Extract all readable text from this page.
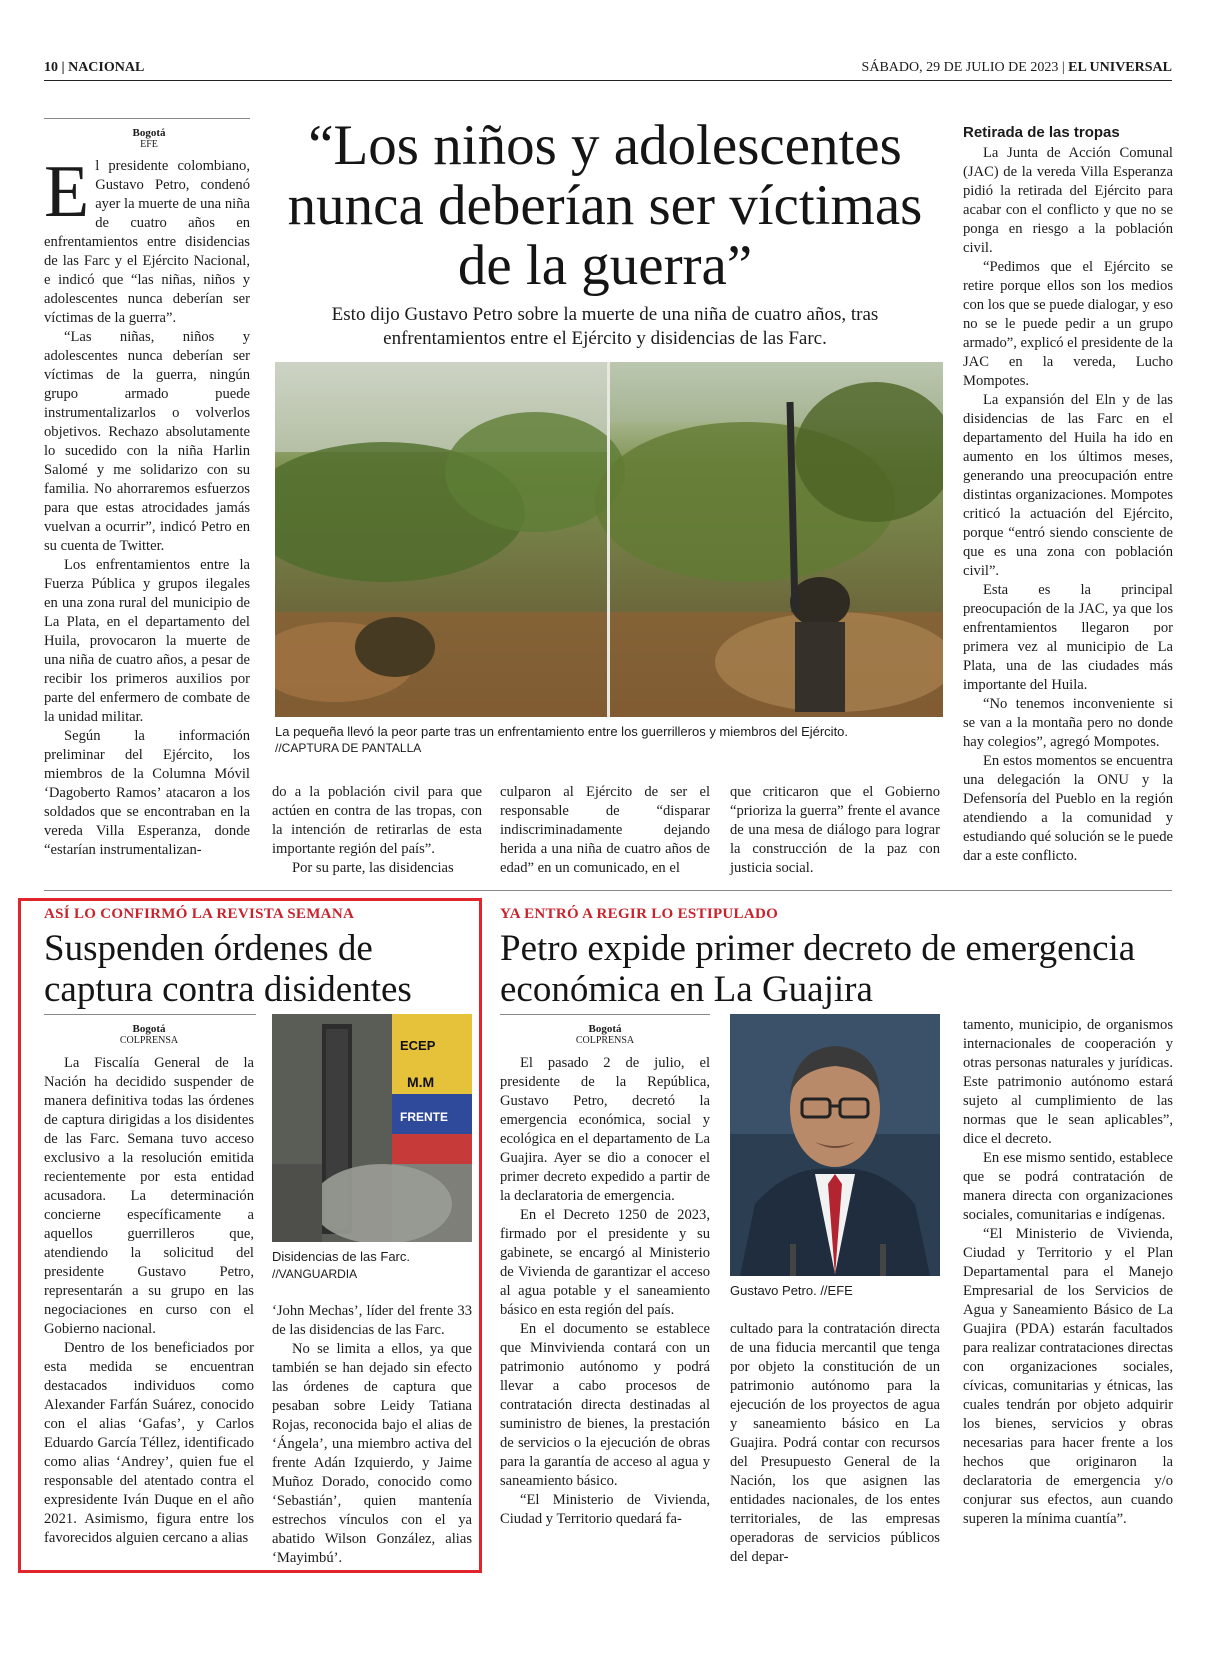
10 | NACIONAL	SÁBADO, 29 DE JULIO DE 2023 | EL UNIVERSAL
Bogotá
EFE

El presidente colombiano, Gustavo Petro, condenó ayer la muerte de una niña de cuatro años en enfrentamientos entre disidencias de las Farc y el Ejército Nacional, e indicó que “las niñas, niños y adolescentes nunca deberían ser víctimas de la guerra”.

“Las niñas, niños y adolescentes nunca deberían ser víctimas de la guerra, ningún grupo armado puede instrumentalizarlos o volverlos objetivos. Rechazo absolutamente lo sucedido con la niña Harlin Salomé y me solidarizo con su familia. No ahorraremos esfuerzos para que estas atrocidades jamás vuelvan a ocurrir”, indicó Petro en su cuenta de Twitter.

Los enfrentamientos entre la Fuerza Pública y grupos ilegales en una zona rural del municipio de La Plata, en el departamento del Huila, provocaron la muerte de una niña de cuatro años, a pesar de recibir los primeros auxilios por parte del enfermero de combate de la unidad militar.

Según la información preliminar del Ejército, los miembros de la Columna Móvil ‘Dagoberto Ramos’ atacaron a los soldados que se encontraban en la vereda Villa Esperanza, donde “estarían instrumentalizan-

“Los niños y adolescentes nunca deberían ser víctimas de la guerra”
Esto dijo Gustavo Petro sobre la muerte de una niña de cuatro años, tras enfrentamientos entre el Ejército y disidencias de las Farc.
La pequeña llevó la peor parte tras un enfrentamiento entre los guerrilleros y miembros del Ejército.
//CAPTURA DE PANTALLA

do a la población civil para que actúen en contra de las tropas, con la intención de retirarlas de esta importante región del país”.

Por su parte, las disidencias

culparon al Ejército de ser el responsable de “disparar indiscriminadamente dejando herida a una niña de cuatro años de edad” en un comunicado, en el

que criticaron que el Gobierno “prioriza la guerra” frente el avance de una mesa de diálogo para lograr la construcción de la paz con justicia social.

Retirada de las tropas

La Junta de Acción Comunal (JAC) de la vereda Villa Esperanza pidió la retirada del Ejército para acabar con el conflicto y que no se ponga en riesgo a la población civil.

“Pedimos que el Ejército se retire porque ellos son los medios con los que se puede dialogar, y eso no se le puede pedir a un grupo armado”, explicó el presidente de la JAC en la vereda, Lucho Mompotes.

La expansión del Eln y de las disidencias de las Farc en el departamento del Huila ha ido en aumento en los últimos meses, generando una preocupación entre distintas organizaciones. Mompotes criticó la actuación del Ejército, porque “entró siendo consciente de que es una zona con población civil”.

Esta es la principal preocupación de la JAC, ya que los enfrentamientos llegaron por primera vez al municipio de La Plata, una de las ciudades más importante del Huila.

“No tenemos inconveniente si se van a la montaña pero no donde hay colegios”, agregó Mompotes.

En estos momentos se encuentra una delegación la ONU y la Defensoría del Pueblo en la región atendiendo a la comunidad y estudiando qué solución se le puede dar a este conflicto.

ASÍ LO CONFIRMÓ LA REVISTA SEMANA
Suspenden órdenes de captura contra disidentes
Bogotá
COLPRENSA

La Fiscalía General de la Nación ha decidido suspender de manera definitiva todas las órdenes de captura dirigidas a los disidentes de las Farc. Semana tuvo acceso exclusivo a la resolución emitida recientemente por esta entidad acusadora. La determinación concierne específicamente a aquellos guerrilleros que, atendiendo la solicitud del presidente Gustavo Petro, representarán a su grupo en las negociaciones en curso con el Gobierno nacional.

Dentro de los beneficiados por esta medida se encuentran destacados individuos como Alexander Farfán Suárez, conocido con el alias ‘Gafas’, y Carlos Eduardo García Téllez, identificado como alias ‘Andrey’, quien fue el responsable del atentado contra el expresidente Iván Duque en el año 2021. Asimismo, figura entre los favorecidos alguien cercano a alias

ECEP
M.M
FRENTE
Disidencias de las Farc. //VANGUARDIA

‘John Mechas’, líder del frente 33 de las disidencias de las Farc.

No se limita a ellos, ya que también se han dejado sin efecto las órdenes de captura que pesaban sobre Leidy Tatiana Rojas, reconocida bajo el alias de ‘Ángela’, una miembro activa del frente Adán Izquierdo, y Jaime Muñoz Dorado, conocido como ‘Sebastián’, quien mantenía estrechos vínculos con el ya abatido Wilson González, alias ‘Mayimbú’.

YA ENTRÓ A REGIR LO ESTIPULADO
Petro expide primer decreto de emergencia económica en La Guajira
Bogotá
COLPRENSA

El pasado 2 de julio, el presidente de la República, Gustavo Petro, decretó la emergencia económica, social y ecológica en el departamento de La Guajira. Ayer se dio a conocer el primer decreto expedido a partir de la declaratoria de emergencia.

En el Decreto 1250 de 2023, firmado por el presidente y su gabinete, se encargó al Ministerio de Vivienda de garantizar el acceso al agua potable y el saneamiento básico en esta región del país.

En el documento se establece que Minvivienda contará con un patrimonio autónomo y podrá llevar a cabo procesos de contratación directa destinadas al suministro de bienes, la prestación de servicios o la ejecución de obras para la garantía de acceso al agua y saneamiento básico.

“El Ministerio de Vivienda, Ciudad y Territorio quedará fa-

Gustavo Petro. //EFE

cultado para la contratación directa de una fiducia mercantil que tenga por objeto la constitución de un patrimonio autónomo para la ejecución de los proyectos de agua y saneamiento básico en La Guajira. Podrá contar con recursos del Presupuesto General de la Nación, los que asignen las entidades nacionales, de los entes territoriales, de las empresas operadoras de servicios públicos del depar-

tamento, municipio, de organismos internacionales de cooperación y otras personas naturales y jurídicas. Este patrimonio autónomo estará sujeto al cumplimiento de las normas que le sean aplicables”, dice el decreto.

En ese mismo sentido, establece que se podrá contratación de manera directa con organizaciones sociales, comunitarias e indígenas.

“El Ministerio de Vivienda, Ciudad y Territorio y el Plan Departamental para el Manejo Empresarial de los Servicios de Agua y Saneamiento Básico de La Guajira (PDA) estarán facultados para realizar contrataciones directas con organizaciones sociales, cívicas, comunitarias y étnicas, las cuales tendrán por objeto adquirir los bienes, servicios y obras necesarias para hacer frente a los hechos que originaron la declaratoria de emergencia y/o conjurar sus efectos, aun cuando superen la mínima cuantía”.
